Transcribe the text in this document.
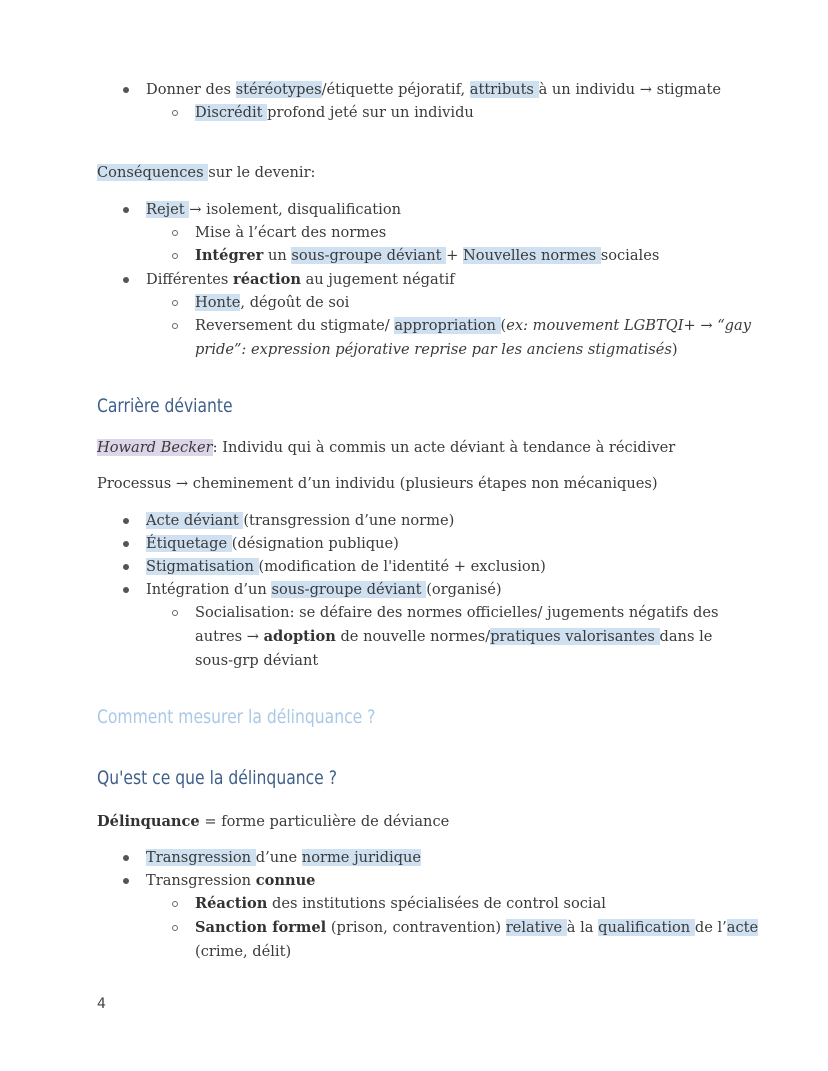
Donner des stéréotypes/étiquette péjoratif, attributs à un individu → stigmate
Discrédit profond jeté sur un individu
Conséquences sur le devenir:
Rejet → isolement, disqualification
Mise à l’écart des normes
Intégrer un sous-groupe déviant + Nouvelles normes sociales
Différentes réaction au jugement négatif
Honte, dégoût de soi
Reversement du stigmate/ appropriation (ex: mouvement LGBTQI+ → “gay
pride”: expression péjorative reprise par les anciens stigmatisés)
Carrière déviante
Howard Becker: Individu qui à commis un acte déviant à tendance à récidiver
Processus → cheminement d’un individu (plusieurs étapes non mécaniques)
Acte déviant (transgression d’une norme)
Étiquetage (désignation publique)
Stigmatisation (modification de l'identité + exclusion)
Intégration d’un sous-groupe déviant (organisé)
Socialisation: se défaire des normes officielles/ jugements négatifs des
autres → adoption de nouvelle normes/pratiques valorisantes dans le
sous-grp déviant
Comment mesurer la délinquance ?
Qu'est ce que la délinquance ?
Délinquance = forme particulière de déviance
Transgression d’une norme juridique
Transgression connue
Réaction des institutions spécialisées de control social
Sanction formel (prison, contravention) relative à la qualification de l’acte
(crime, délit)
4
